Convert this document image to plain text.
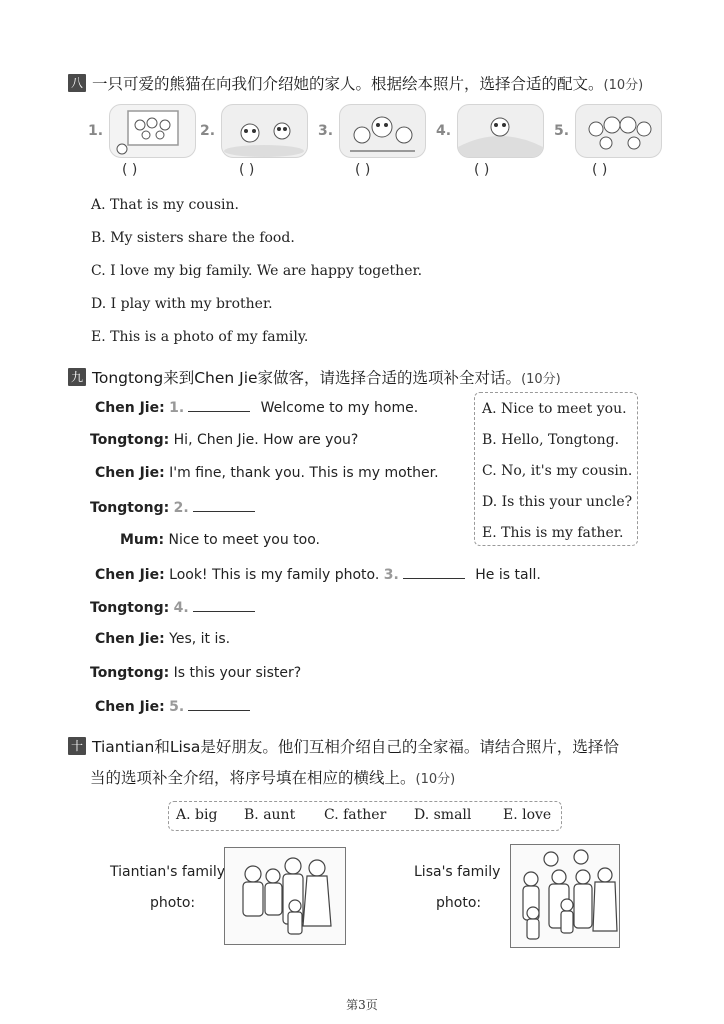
八 一只可爱的熊猫在向我们介绍她的家人。根据绘本照片，选择合适的配文。 (10分)
1.	2.	3.	4.	5.
( )	( )	( )	( )	( )
A. That is my cousin.
B. My sisters share the food.
C. I love my big family. We are happy together.
D. I play with my brother.
E. This is a photo of my family.
九 Tongtong来到Chen Jie家做客，请选择合适的选项补全对话。 (10分)
Chen Jie: 1.	Welcome to my home.
Tongtong: Hi, Chen Jie. How are you?
Chen Jie: I'm fine, thank you. This is my mother.
Tongtong: 2.
Mum: Nice to meet you too.
Chen Jie: Look! This is my family photo. 3.	He is tall.
Tongtong: 4.
Chen Jie: Yes, it is.
Tongtong: Is this your sister?
Chen Jie: 5.
A. Nice to meet you.
B. Hello, Tongtong.
C. No, it's my cousin.
D. Is this your uncle?
E. This is my father.
十 Tiantian和Lisa是好朋友。他们互相介绍自己的全家福。请结合照片，选择恰
当的选项补全介绍，将序号填在相应的横线上。(10分)
A. big B. aunt C. father D. small E. love
Tiantian's family
photo:
Lisa's family
photo:
第3页
